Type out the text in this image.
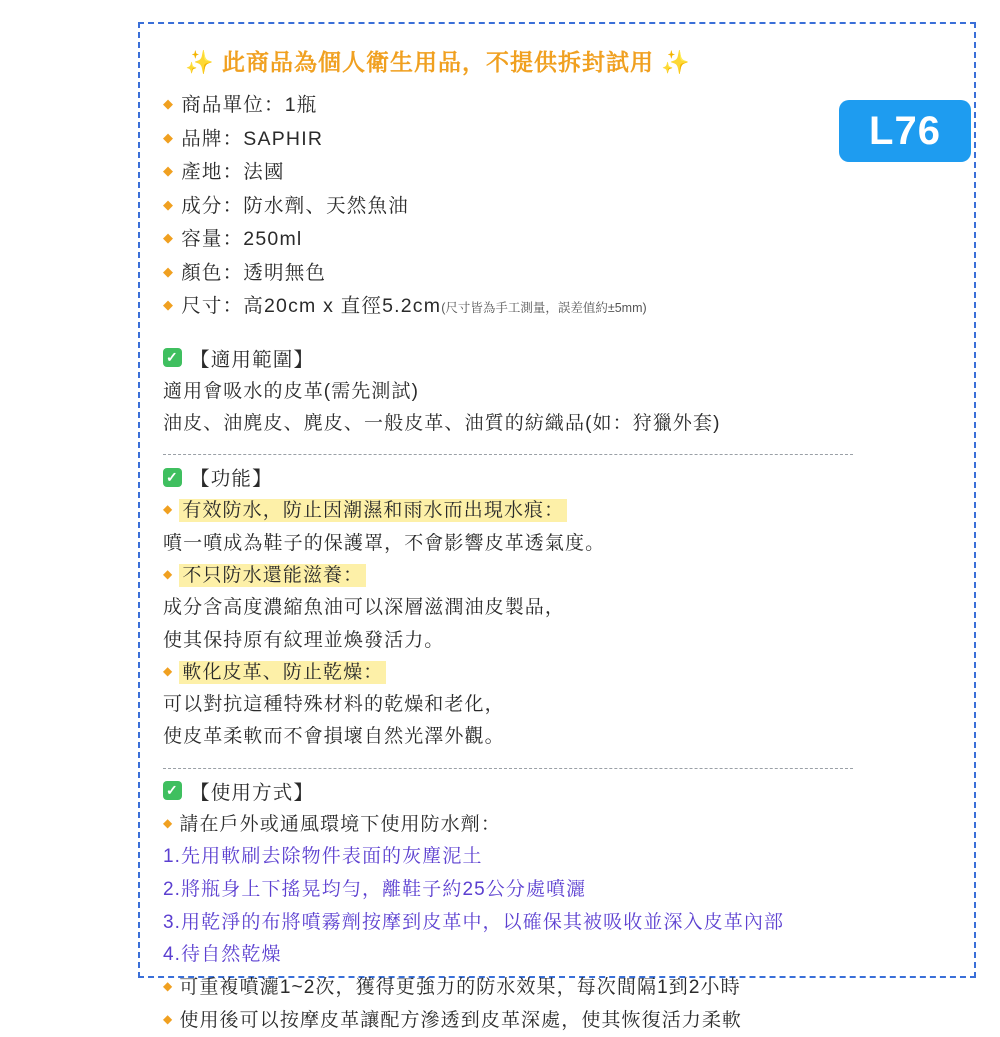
✨ 此商品為個人衛生用品，不提供拆封試用 ✨
L76
◆ 商品單位：1瓶
◆ 品牌：SAPHIR
◆ 產地：法國
◆ 成分：防水劑、天然魚油
◆ 容量：250ml
◆ 顏色：透明無色
◆ 尺寸：高20cm x 直徑5.2cm(尺寸皆為手工測量，誤差值約±5mm)
✓ 【適用範圍】
適用會吸水的皮革(需先測試)
油皮、油麂皮、麂皮、一般皮革、油質的紡織品(如：狩獵外套)
✓ 【功能】
◆ 有效防水，防止因潮濕和雨水而出現水痕：
噴一噴成為鞋子的保護罩，不會影響皮革透氣度。
◆ 不只防水還能滋養：
成分含高度濃縮魚油可以深層滋潤油皮製品，
使其保持原有紋理並煥發活力。
◆ 軟化皮革、防止乾燥：
可以對抗這種特殊材料的乾燥和老化，
使皮革柔軟而不會損壞自然光澤外觀。
✓ 【使用方式】
◆ 請在戶外或通風環境下使用防水劑：
1.先用軟刷去除物件表面的灰塵泥土
2.將瓶身上下搖晃均勻，離鞋子約25公分處噴灑
3.用乾淨的布將噴霧劑按摩到皮革中，以確保其被吸收並深入皮革內部
4.待自然乾燥
◆ 可重複噴灑1~2次，獲得更強力的防水效果，每次間隔1到2小時
◆ 使用後可以按摩皮革讓配方滲透到皮革深處，使其恢復活力柔軟
